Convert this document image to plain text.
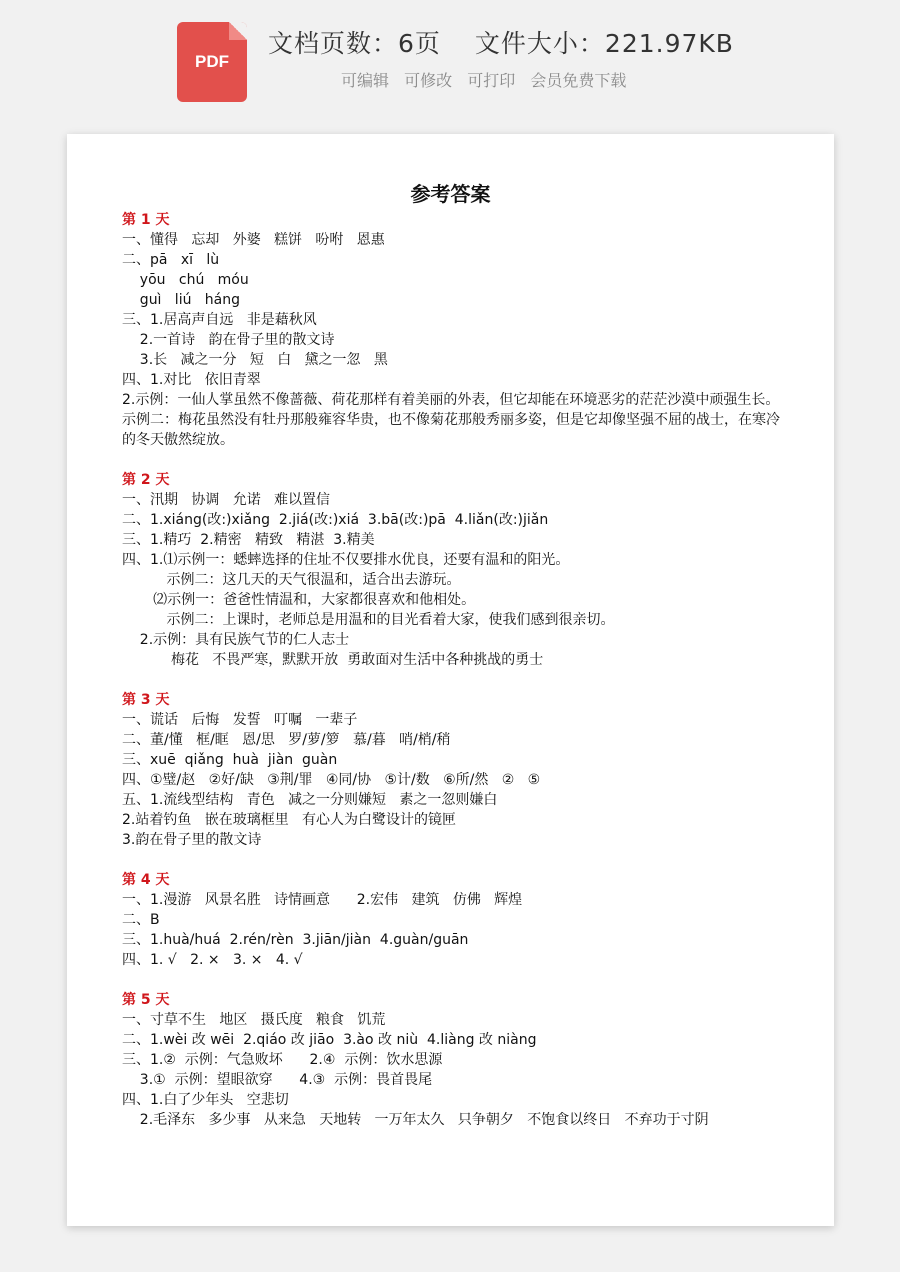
PDF
文档页数：6页 文件大小：221.97KB
可编辑 可修改 可打印 会员免费下载
参考答案
第 1 天
一、懂得   忘却   外婆   糕饼   吩咐   恩惠
二、pā   xī   lù
yōu   chú   móu
guì   liú   háng
三、1.居高声自远   非是藉秋风
2.一首诗   韵在骨子里的散文诗
3.长   减之一分   短   白   黛之一忽   黑
四、1.对比   依旧青翠
2.示例：一仙人掌虽然不像蔷薇、荷花那样有着美丽的外表，但它却能在环境恶劣的茫茫沙漠中顽强生长。
示例二：梅花虽然没有牡丹那般雍容华贵，也不像菊花那般秀丽多姿，但是它却像坚强不屈的战士，在寒冷的冬天傲然绽放。
第 2 天
一、汛期   协调   允诺   难以置信
二、1.xiáng(改:)xiǎng  2.jiá(改:)xiá  3.bā(改:)pā  4.liǎn(改:)jiǎn
三、1.精巧  2.精密   精致   精湛  3.精美
四、1.⑴示例一：蟋蟀选择的住址不仅要排水优良，还要有温和的阳光。
示例二：这几天的天气很温和，适合出去游玩。
⑵示例一：爸爸性情温和，大家都很喜欢和他相处。
示例二：上课时，老师总是用温和的目光看着大家，使我们感到很亲切。
2.示例：具有民族气节的仁人志士
梅花   不畏严寒，默默开放  勇敢面对生活中各种挑战的勇士
第 3 天
一、谎话   后悔   发誓   叮嘱   一辈子
二、董/懂   框/眶   恩/思   罗/萝/箩   慕/暮   哨/梢/稍
三、xuē  qiǎng  huà  jiàn  guàn
四、①璧/赵   ②好/缺   ③荆/罪   ④同/协   ⑤计/数   ⑥所/然   ②   ⑤
五、1.流线型结构   青色   减之一分则嫌短   素之一忽则嫌白
2.站着钓鱼   嵌在玻璃框里   有心人为白鹭设计的镜匣
3.韵在骨子里的散文诗
第 4 天
一、1.漫游   风景名胜   诗情画意      2.宏伟   建筑   仿佛   辉煌
二、B
三、1.huà/huá  2.rén/rèn  3.jiān/jiàn  4.guàn/guān
四、1. √   2. ×   3. ×   4. √
第 5 天
一、寸草不生   地区   摄氏度   粮食   饥荒
二、1.wèi 改 wēi  2.qiáo 改 jiāo  3.ào 改 niù  4.liàng 改 niàng
三、1.②  示例：气急败坏      2.④  示例：饮水思源
3.①  示例：望眼欲穿      4.③  示例：畏首畏尾
四、1.白了少年头   空悲切
2.毛泽东   多少事   从来急   天地转   一万年太久   只争朝夕   不饱食以终日   不弃功于寸阴
